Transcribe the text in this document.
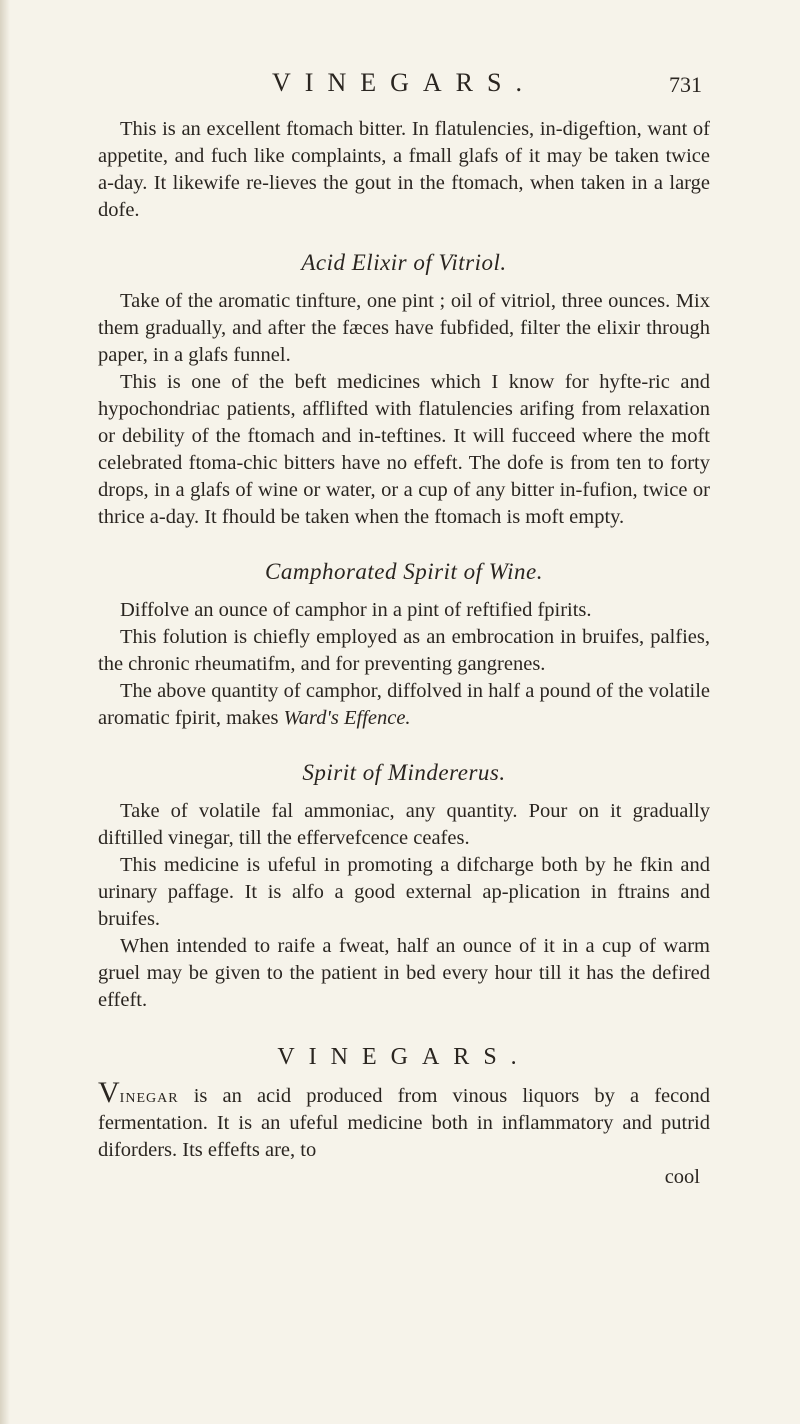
VINEGARS.	731

This is an excellent ftomach bitter. In flatulencies, in-digeftion, want of appetite, and fuch like complaints, a fmall glafs of it may be taken twice a-day. It likewife re-lieves the gout in the ftomach, when taken in a large dofe.

Acid Elixir of Vitriol.

Take of the aromatic tinfture, one pint ; oil of vitriol, three ounces. Mix them gradually, and after the fæces have fubfided, filter the elixir through paper, in a glafs funnel.

This is one of the beft medicines which I know for hyfte-ric and hypochondriac patients, afflifted with flatulencies arifing from relaxation or debility of the ftomach and in-teftines. It will fucceed where the moft celebrated ftoma-chic bitters have no effeft. The dofe is from ten to forty drops, in a glafs of wine or water, or a cup of any bitter in-fufion, twice or thrice a-day. It fhould be taken when the ftomach is moft empty.

Camphorated Spirit of Wine.

Diffolve an ounce of camphor in a pint of reftified fpirits.

This folution is chiefly employed as an embrocation in bruifes, palfies, the chronic rheumatifm, and for preventing gangrenes.

The above quantity of camphor, diffolved in half a pound of the volatile aromatic fpirit, makes Ward's Effence.

Spirit of Mindererus.

Take of volatile fal ammoniac, any quantity. Pour on it gradually diftilled vinegar, till the effervefcence ceafes.

This medicine is ufeful in promoting a difcharge both by he fkin and urinary paffage. It is alfo a good external ap-plication in ftrains and bruifes.

When intended to raife a fweat, half an ounce of it in a cup of warm gruel may be given to the patient in bed every hour till it has the defired effeft.

VINEGARS.

Vinegar is an acid produced from vinous liquors by a fecond fermentation. It is an ufeful medicine both in inflammatory and putrid diforders. Its effefts are, to

cool
